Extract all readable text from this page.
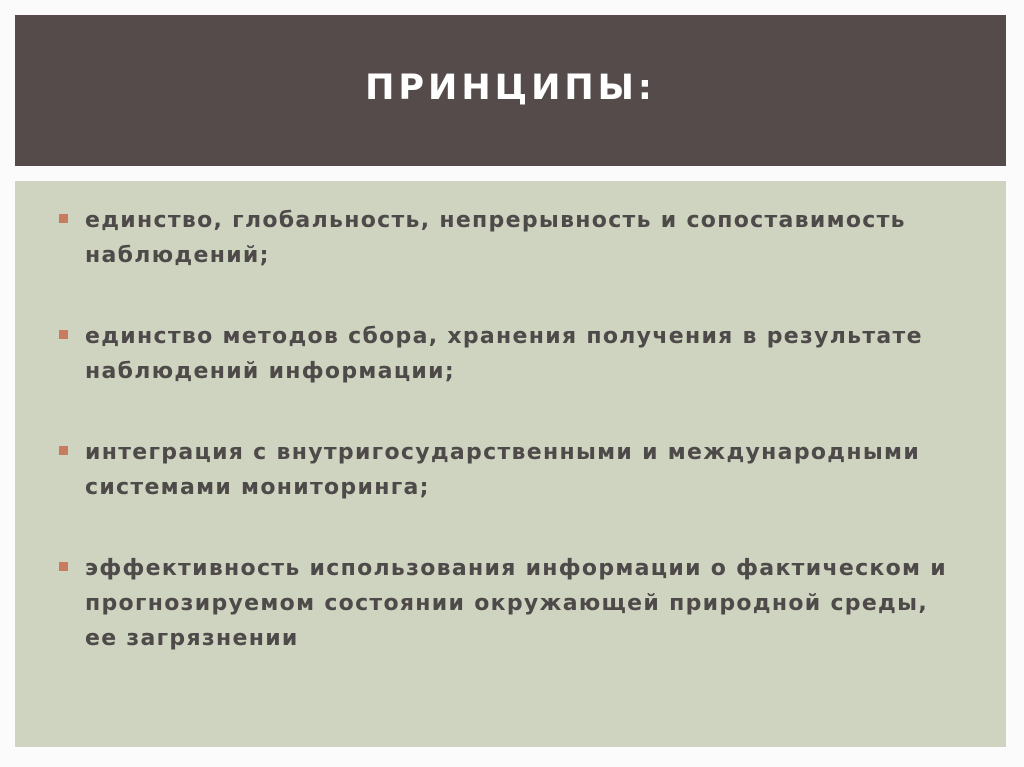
ПРИНЦИПЫ:
единство, глобальность, непрерывность и сопоставимость наблюдений;
единство методов сбора, хранения получения в результате наблюдений информации;
интеграция с внутригосударственными и международными системами мониторинга;
эффективность использования информации о фактическом и прогнозируемом состоянии окружающей природной среды, ее загрязнении
